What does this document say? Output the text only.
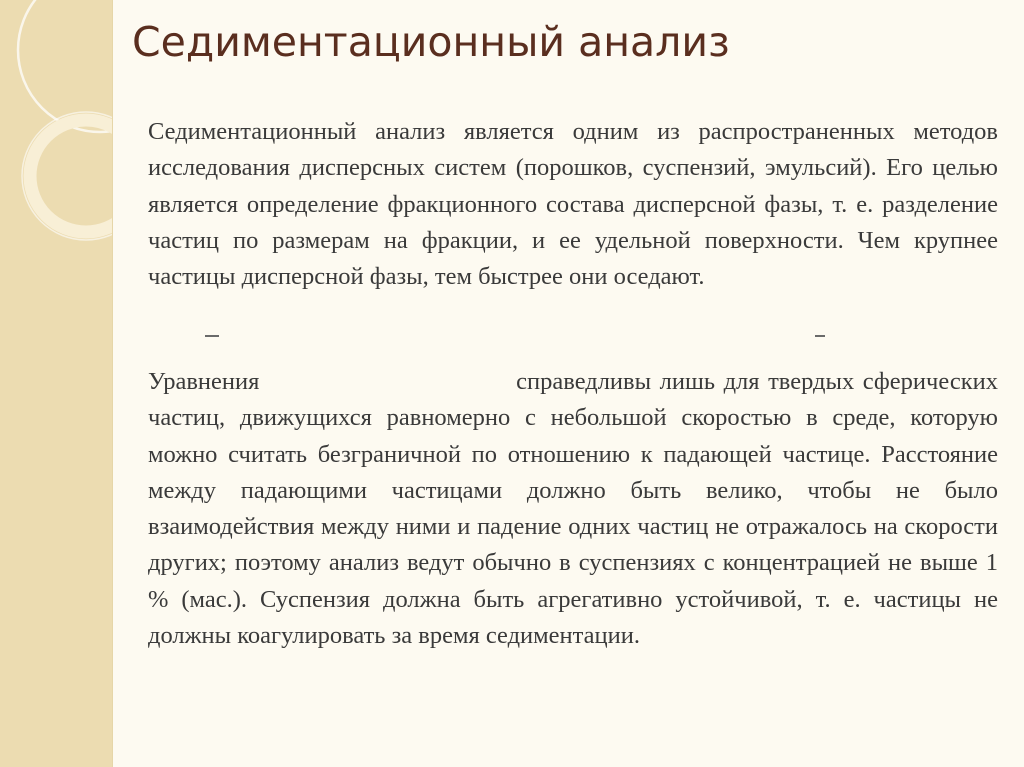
Седиментационный анализ

Седиментационный анализ является одним из распространенных методов исследования дисперсных систем (порошков, суспензий, эмульсий). Его целью является определение фракционного состава дисперсной фазы, т. е. разделение частиц по размерам на фракции, и ее удельной поверхности. Чем крупнее частицы дисперсной фазы, тем быстрее они оседают.

Уравнения                              справедливы лишь для твердых сферических частиц, движущихся равномерно с небольшой скоростью в среде, которую можно считать безграничной по отношению к падающей частице. Расстояние между падающими частицами должно быть велико, чтобы не было взаимодействия между ними и падение одних частиц не отражалось на скорости других; поэтому анализ ведут обычно в суспензиях с концентрацией не выше 1 % (мас.). Суспензия должна быть агрегативно устойчивой, т. е. частицы не должны коагулировать за время седиментации.
